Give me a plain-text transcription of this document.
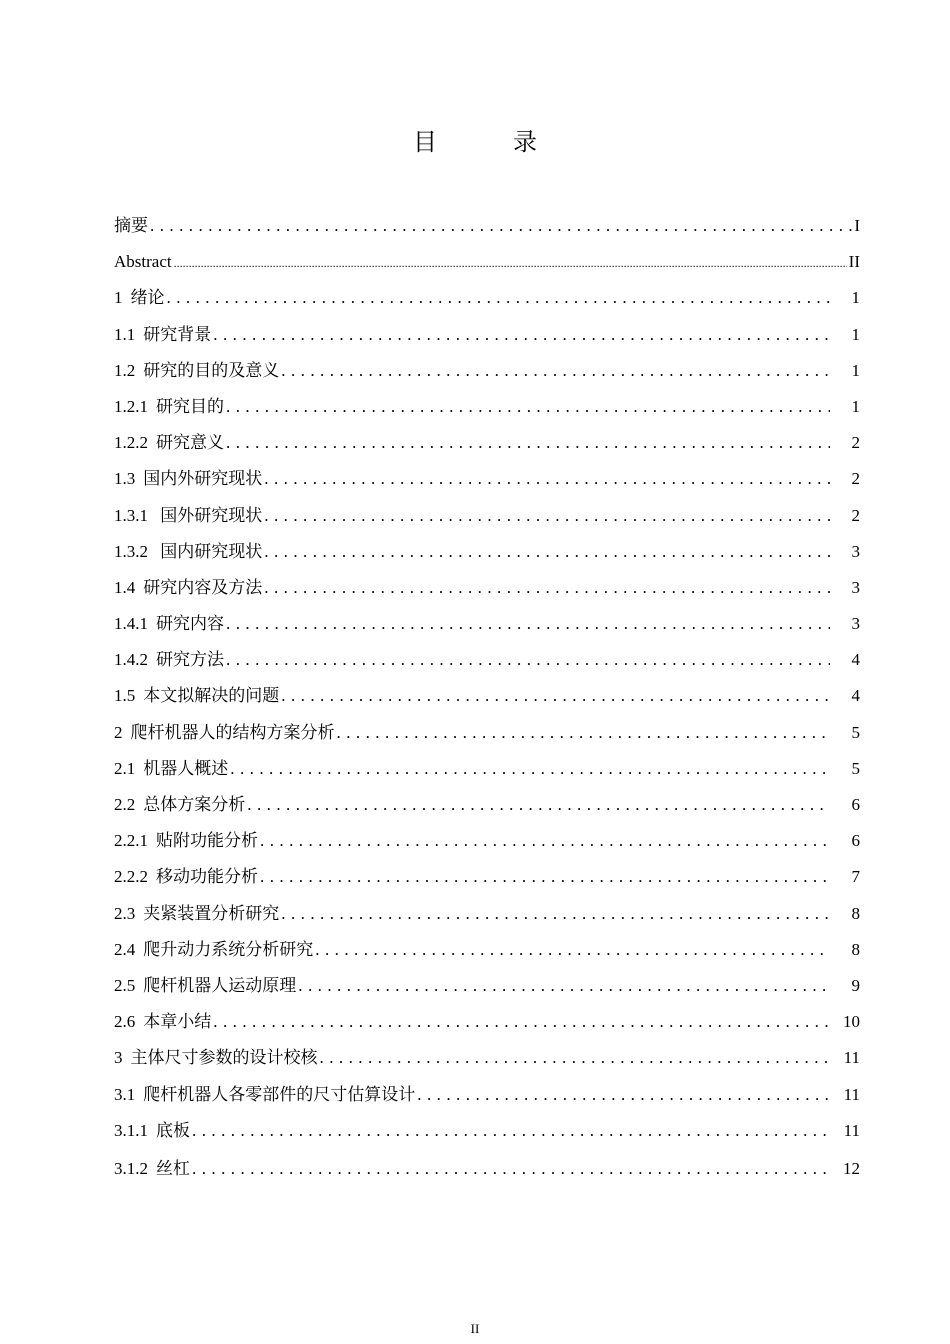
目　录
摘要 . . .	I
Abstract .....	II
1 绪论 . . .	1
1.1 研究背景 . . .	1
1.2 研究的目的及意义 . . .	1
1.2.1 研究目的 . . .	1
1.2.2 研究意义 . . .	2
1.3 国内外研究现状 . . .	2
1.3.1 国外研究现状 . . .	2
1.3.2 国内研究现状 . . .	3
1.4 研究内容及方法 . . .	3
1.4.1 研究内容 . . .	3
1.4.2 研究方法 . . .	4
1.5 本文拟解决的问题 . . .	4
2 爬杆机器人的结构方案分析 . . .	5
2.1 机器人概述 . . .	5
2.2 总体方案分析 . . .	6
2.2.1 贴附功能分析 . . .	6
2.2.2 移动功能分析 . . .	7
2.3 夹紧装置分析研究 . . .	8
2.4 爬升动力系统分析研究 . . .	8
2.5 爬杆机器人运动原理 . . .	9
2.6 本章小结 . . .	10
3 主体尺寸参数的设计校核 . . .	11
3.1 爬杆机器人各零部件的尺寸估算设计 . . .	11
3.1.1 底板 . . .	11
3.1.2 丝杠 . . .	12
II
